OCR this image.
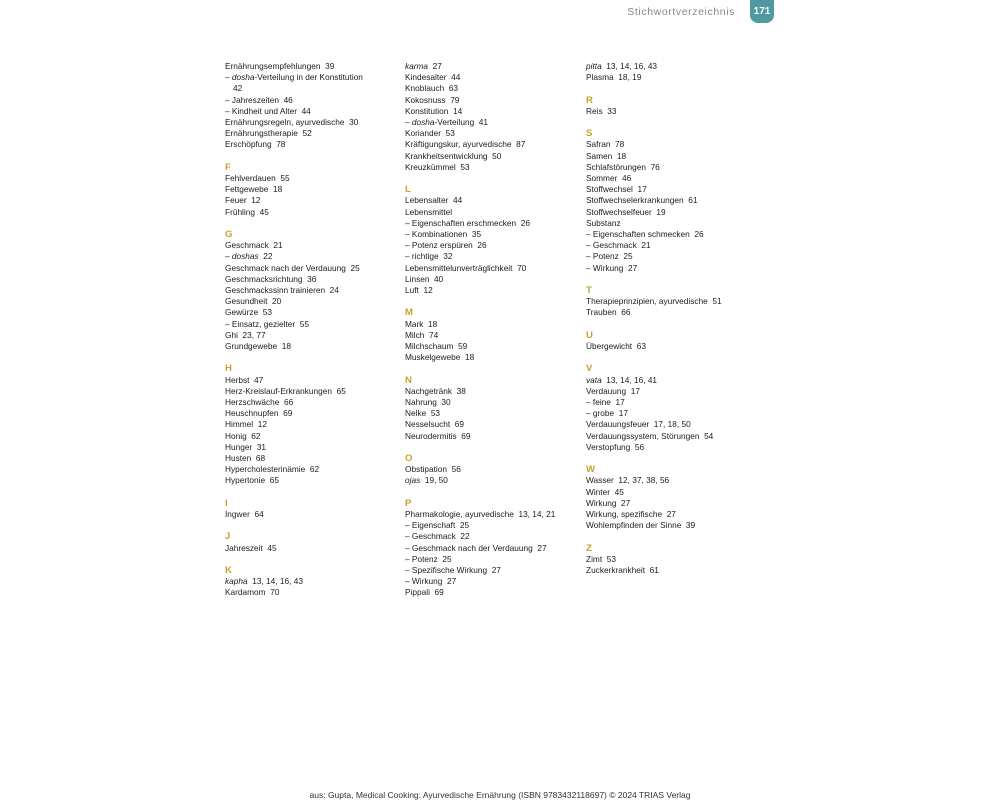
Stichwortverzeichnis	171
Ernährungsempfehlungen  39
– dosha-Verteilung in der Konstitution
42
– Jahreszeiten  46
– Kindheit und Alter  44
Ernährungsregeln, ayurvedische  30
Ernährungstherapie  52
Erschöpfung  78
F
Fehlverdauen  55
Fettgewebe  18
Feuer  12
Frühling  45
G
Geschmack  21
– doshas  22
Geschmack nach der Verdauung  25
Geschmacksrichtung  36
Geschmackssinn trainieren  24
Gesundheit  20
Gewürze  53
– Einsatz, gezielter  55
Ghi  23, 77
Grundgewebe  18
H
Herbst  47
Herz-Kreislauf-Erkrankungen  65
Herzschwäche  66
Heuschnupfen  69
Himmel  12
Honig  62
Hunger  31
Husten  68
Hypercholesterinämie  62
Hypertonie  65
I
Ingwer  64
J
Jahreszeit  45
K
kapha  13, 14, 16, 43
Kardamom  70
karma  27
Kindesalter  44
Knoblauch  63
Kokosnuss  79
Konstitution  14
– dosha-Verteilung  41
Koriander  53
Kräftigungskur, ayurvedische  87
Krankheitsentwicklung  50
Kreuzkümmel  53
L
Lebensalter  44
Lebensmittel
– Eigenschaften erschmecken  26
– Kombinationen  35
– Potenz erspüren  26
– richtige  32
Lebensmittelunverträglichkeit  70
Linsen  40
Luft  12
M
Mark  18
Milch  74
Milchschaum  59
Muskelgewebe  18
N
Nachgetränk  38
Nahrung  30
Nelke  53
Nesselsucht  69
Neurodermitis  69
O
Obstipation  56
ojas  19, 50
P
Pharmakologie, ayurvedische  13, 14, 21
– Eigenschaft  25
– Geschmack  22
– Geschmack nach der Verdauung  27
– Potenz  25
– Spezifische Wirkung  27
– Wirkung  27
Pippali  69
pitta  13, 14, 16, 43
Plasma  18, 19
R
Reis  33
S
Safran  78
Samen  18
Schlafstörungen  76
Sommer  46
Stoffwechsel  17
Stoffwechselerkrankungen  61
Stoffwechselfeuer  19
Substanz
– Eigenschaften schmecken  26
– Geschmack  21
– Potenz  25
– Wirkung  27
T
Therapieprinzipien, ayurvedische  51
Trauben  66
U
Übergewicht  63
V
vata  13, 14, 16, 41
Verdauung  17
– feine  17
– grobe  17
Verdauungsfeuer  17, 18, 50
Verdauungssystem, Störungen  54
Verstopfung  56
W
Wasser  12, 37, 38, 56
Winter  45
Wirkung  27
Wirkung, spezifische  27
Wohlempfinden der Sinne  39
Z
Zimt  53
Zuckerkrankheit  61
aus: Gupta, Medical Cooking: Ayurvedische Ernährung (ISBN 9783432118697) © 2024 TRIAS Verlag
